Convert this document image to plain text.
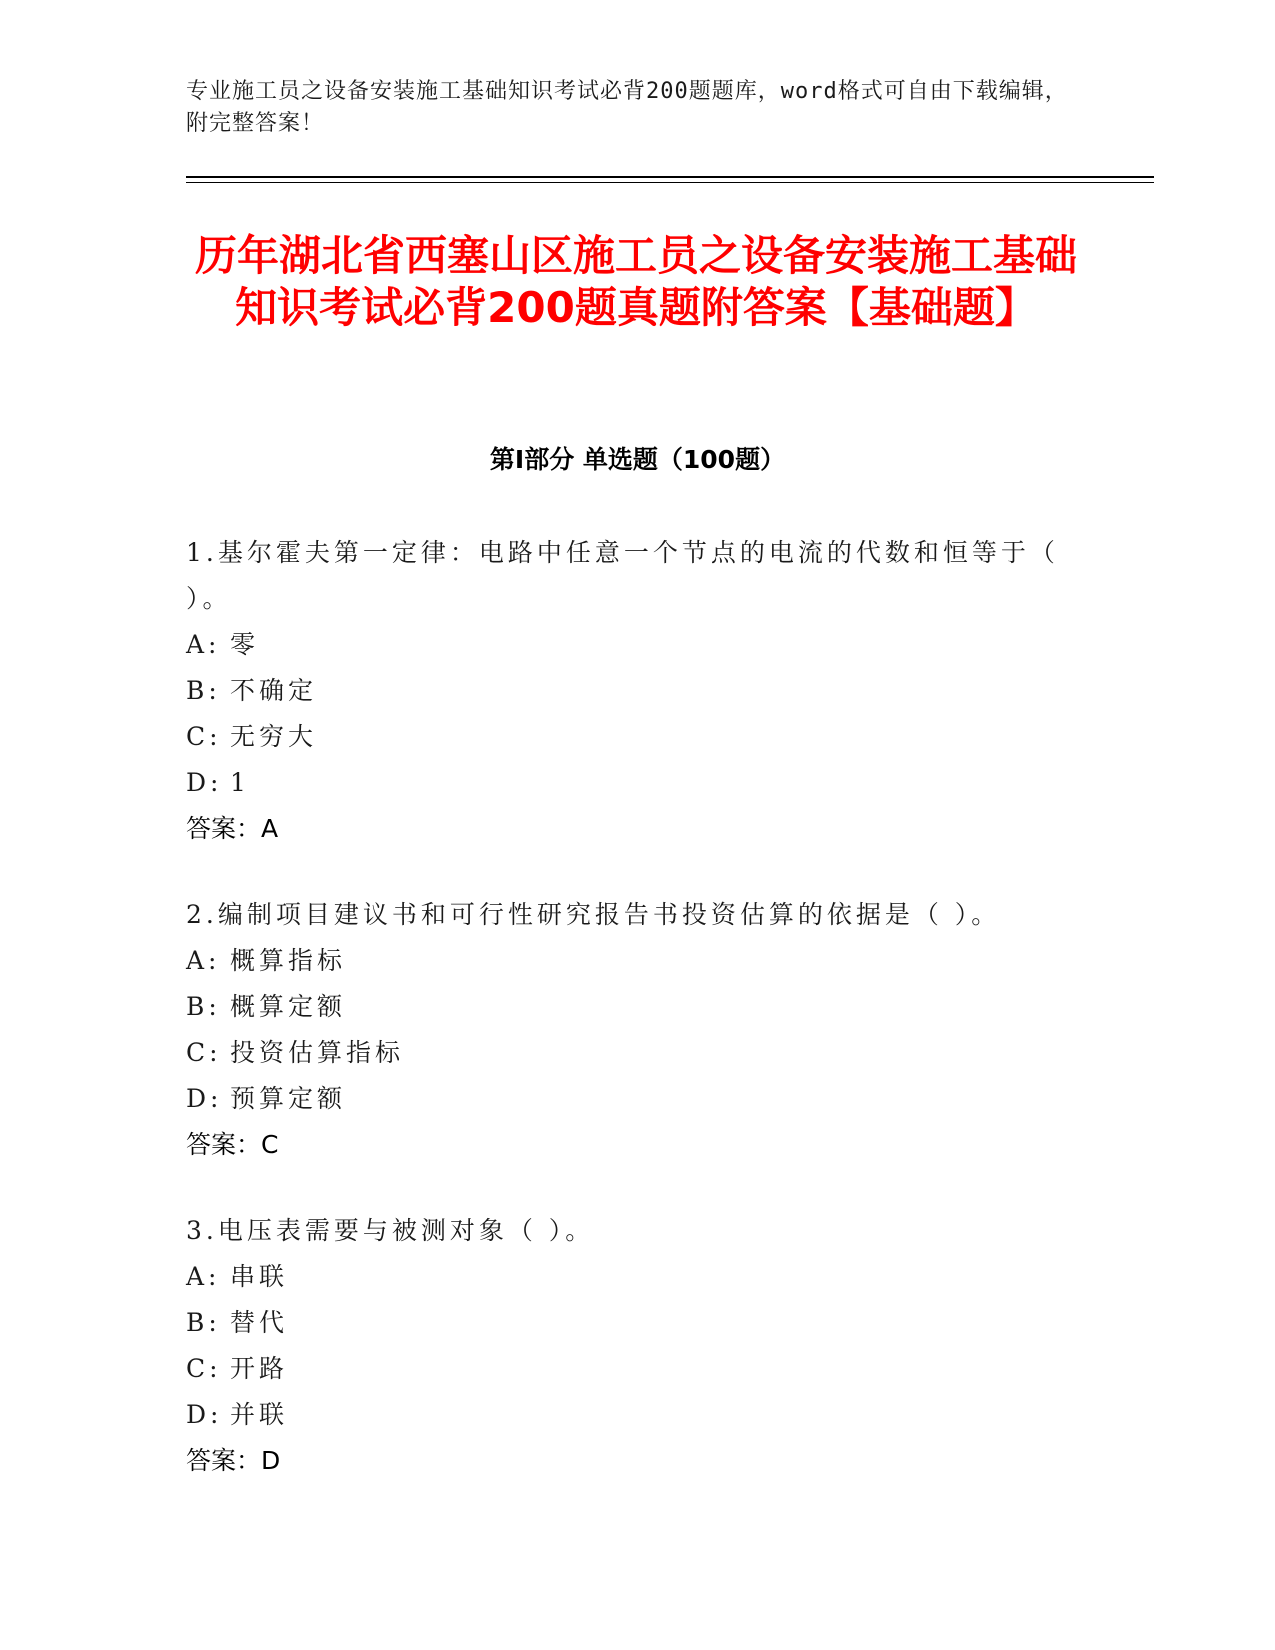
专业施工员之设备安装施工基础知识考试必背200题题库，word格式可自由下载编辑，附完整答案！
历年湖北省西塞山区施工员之设备安装施工基础知识考试必背200题真题附答案【基础题】
第Ⅰ部分 单选题（100题）
1.基尔霍夫第一定律：电路中任意一个节点的电流的代数和恒等于（ ）。
A: 零
B: 不确定
C: 无穷大
D: 1
答案：A
2.编制项目建议书和可行性研究报告书投资估算的依据是（ ）。
A: 概算指标
B: 概算定额
C: 投资估算指标
D: 预算定额
答案：C
3.电压表需要与被测对象（ ）。
A: 串联
B: 替代
C: 开路
D: 并联
答案：D
